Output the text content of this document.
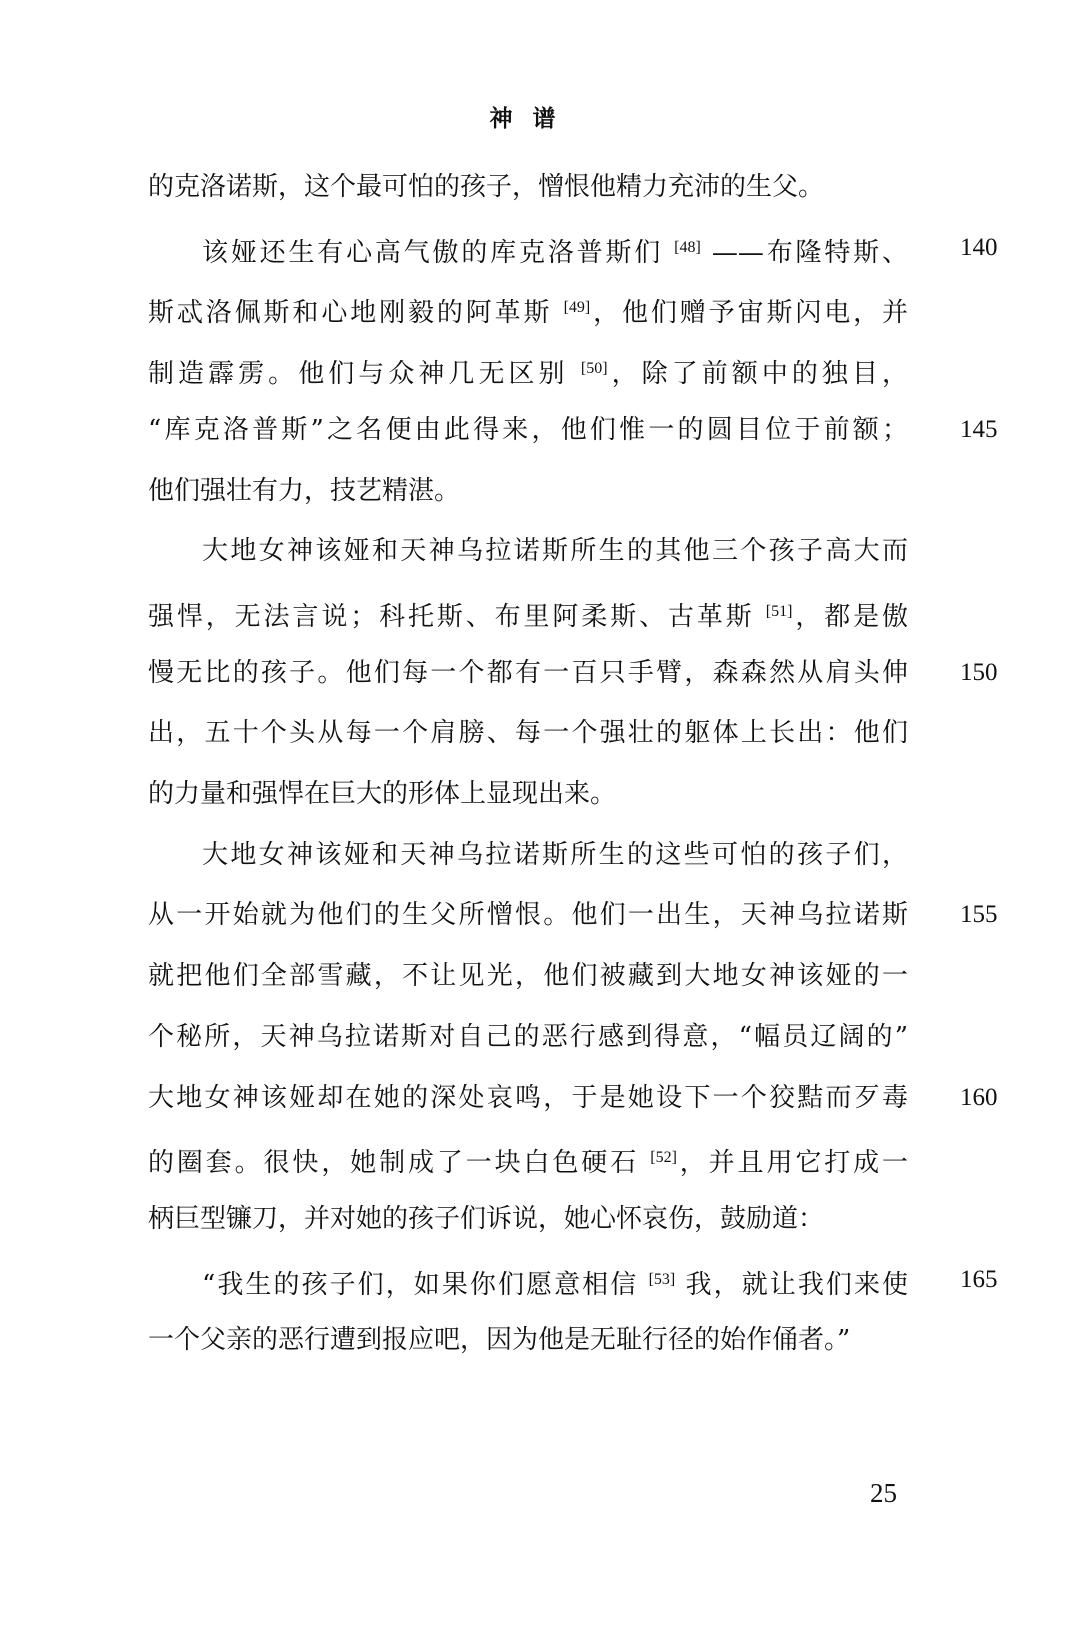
神谱
的克洛诺斯，这个最可怕的孩子，憎恨他精力充沛的生父。
该娅还生有心高气傲的库克洛普斯们 [48] ——布隆特斯、 140
斯忒洛佩斯和心地刚毅的阿革斯 [49]，他们赠予宙斯闪电，并
制造霹雳。他们与众神几无区别 [50]，除了前额中的独目，
“库克洛普斯”之名便由此得来，他们惟一的圆目位于前额； 145
他们强壮有力，技艺精湛。
大地女神该娅和天神乌拉诺斯所生的其他三个孩子高大而
强悍，无法言说；科托斯、布里阿柔斯、古革斯 [51]，都是傲
慢无比的孩子。他们每一个都有一百只手臂，森森然从肩头伸 150
出，五十个头从每一个肩膀、每一个强壮的躯体上长出：他们
的力量和强悍在巨大的形体上显现出来。
大地女神该娅和天神乌拉诺斯所生的这些可怕的孩子们，
从一开始就为他们的生父所憎恨。他们一出生，天神乌拉诺斯 155
就把他们全部雪藏，不让见光，他们被藏到大地女神该娅的一
个秘所，天神乌拉诺斯对自己的恶行感到得意，“幅员辽阔的”
大地女神该娅却在她的深处哀鸣，于是她设下一个狡黠而歹毒 160
的圈套。很快，她制成了一块白色硬石 [52]，并且用它打成一
柄巨型镰刀，并对她的孩子们诉说，她心怀哀伤，鼓励道：
“我生的孩子们，如果你们愿意相信 [53] 我，就让我们来使 165
一个父亲的恶行遭到报应吧，因为他是无耻行径的始作俑者。”
25
